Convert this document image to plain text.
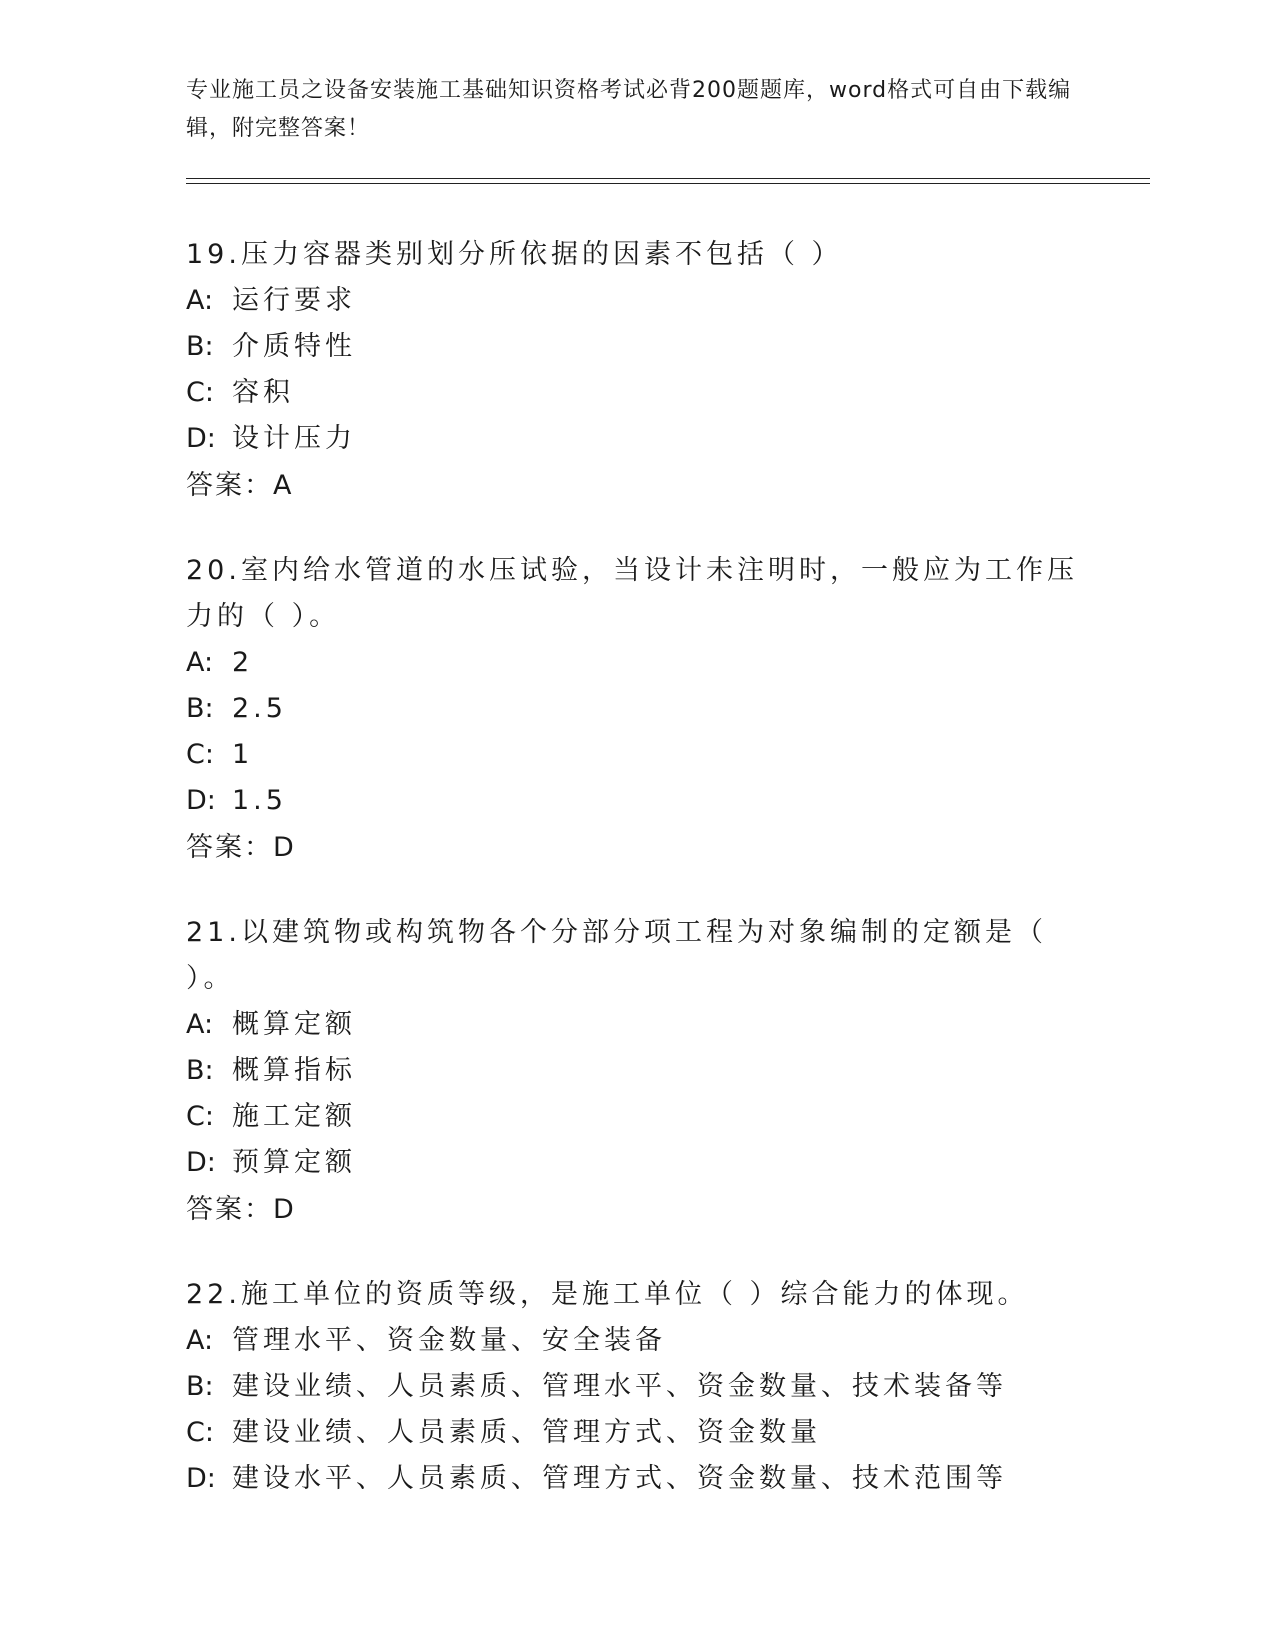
专业施工员之设备安装施工基础知识资格考试必背200题题库，word格式可自由下载编辑，附完整答案！

19.压力容器类别划分所依据的因素不包括（ ）

A: 运行要求

B: 介质特性

C: 容积

D: 设计压力

答案：A

20.室内给水管道的水压试验，当设计未注明时，一般应为工作压力的（ ）。

A: 2

B: 2.5

C: 1

D: 1.5

答案：D

21.以建筑物或构筑物各个分部分项工程为对象编制的定额是（ ）。

A: 概算定额

B: 概算指标

C: 施工定额

D: 预算定额

答案：D

22.施工单位的资质等级，是施工单位（ ）综合能力的体现。

A: 管理水平、资金数量、安全装备

B: 建设业绩、人员素质、管理水平、资金数量、技术装备等

C: 建设业绩、人员素质、管理方式、资金数量

D: 建设水平、人员素质、管理方式、资金数量、技术范围等
